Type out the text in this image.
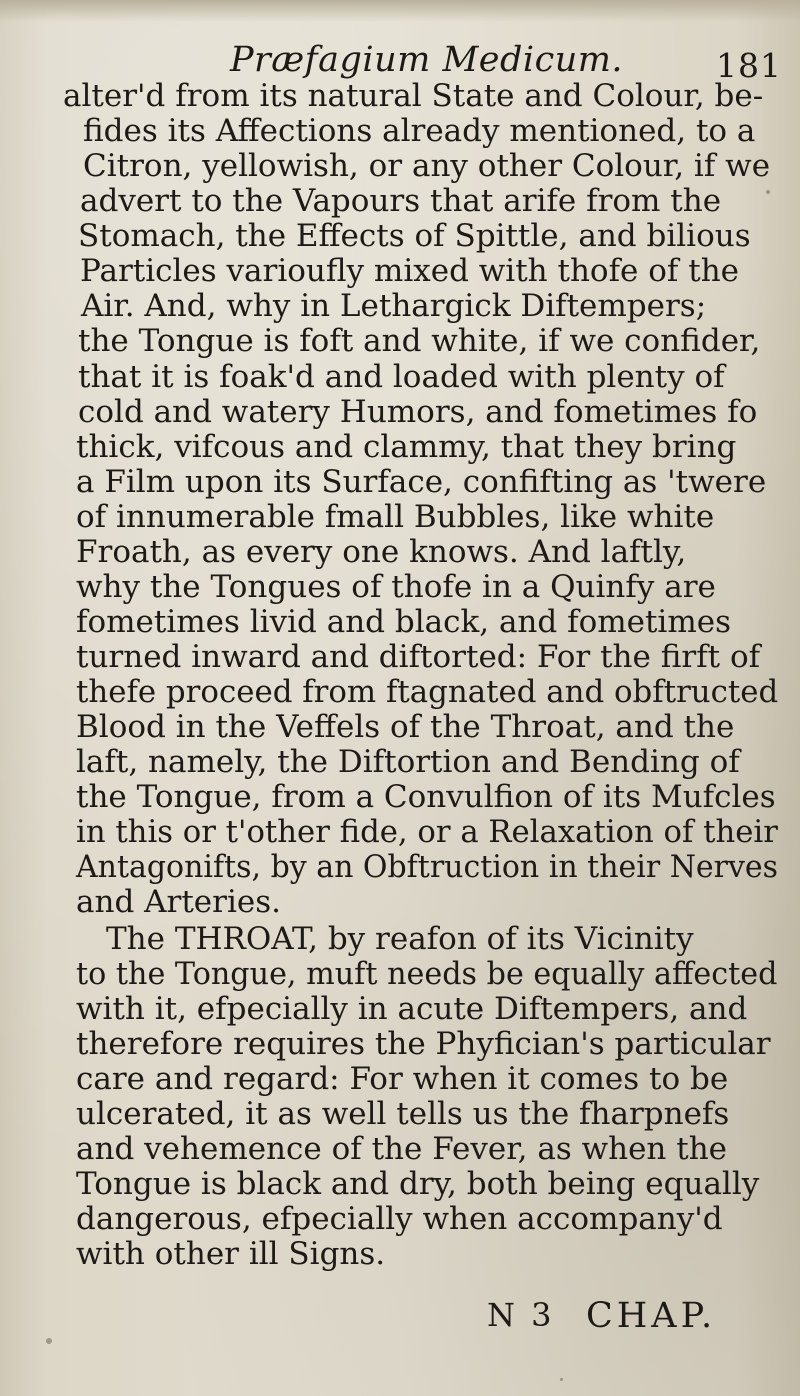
Præfagium Medicum.	181
alter'd from its natural State and Colour, be-
fides its Affections already mentioned, to a
Citron, yellowish, or any other Colour, if we
advert to the Vapours that arife from the
Stomach, the Effects of Spittle, and bilious
Particles varioufly mixed with thofe of the
Air. And, why in Lethargick Diftempers;
the Tongue is foft and white, if we confider,
that it is foak'd and loaded with plenty of
cold and watery Humors, and fometimes fo
thick, vifcous and clammy, that they bring
a Film upon its Surface, confifting as 'twere
of innumerable fmall Bubbles, like white
Froath, as every one knows. And laftly,
why the Tongues of thofe in a Quinfy are
fometimes livid and black, and fometimes
turned inward and diftorted: For the firft of
thefe proceed from ftagnated and obftructed
Blood in the Veffels of the Throat, and the
laft, namely, the Diftortion and Bending of
the Tongue, from a Convulfion of its Mufcles
in this or t'other fide, or a Relaxation of their
Antagonifts, by an Obftruction in their Nerves
and Arteries.
The THROAT, by reafon of its Vicinity
to the Tongue, muft needs be equally affected
with it, efpecially in acute Diftempers, and
therefore requires the Phyfician's particular
care and regard: For when it comes to be
ulcerated, it as well tells us the fharpnefs
and vehemence of the Fever, as when the
Tongue is black and dry, both being equally
dangerous, efpecially when accompany'd
with other ill Signs.
N 3 CHAP.
